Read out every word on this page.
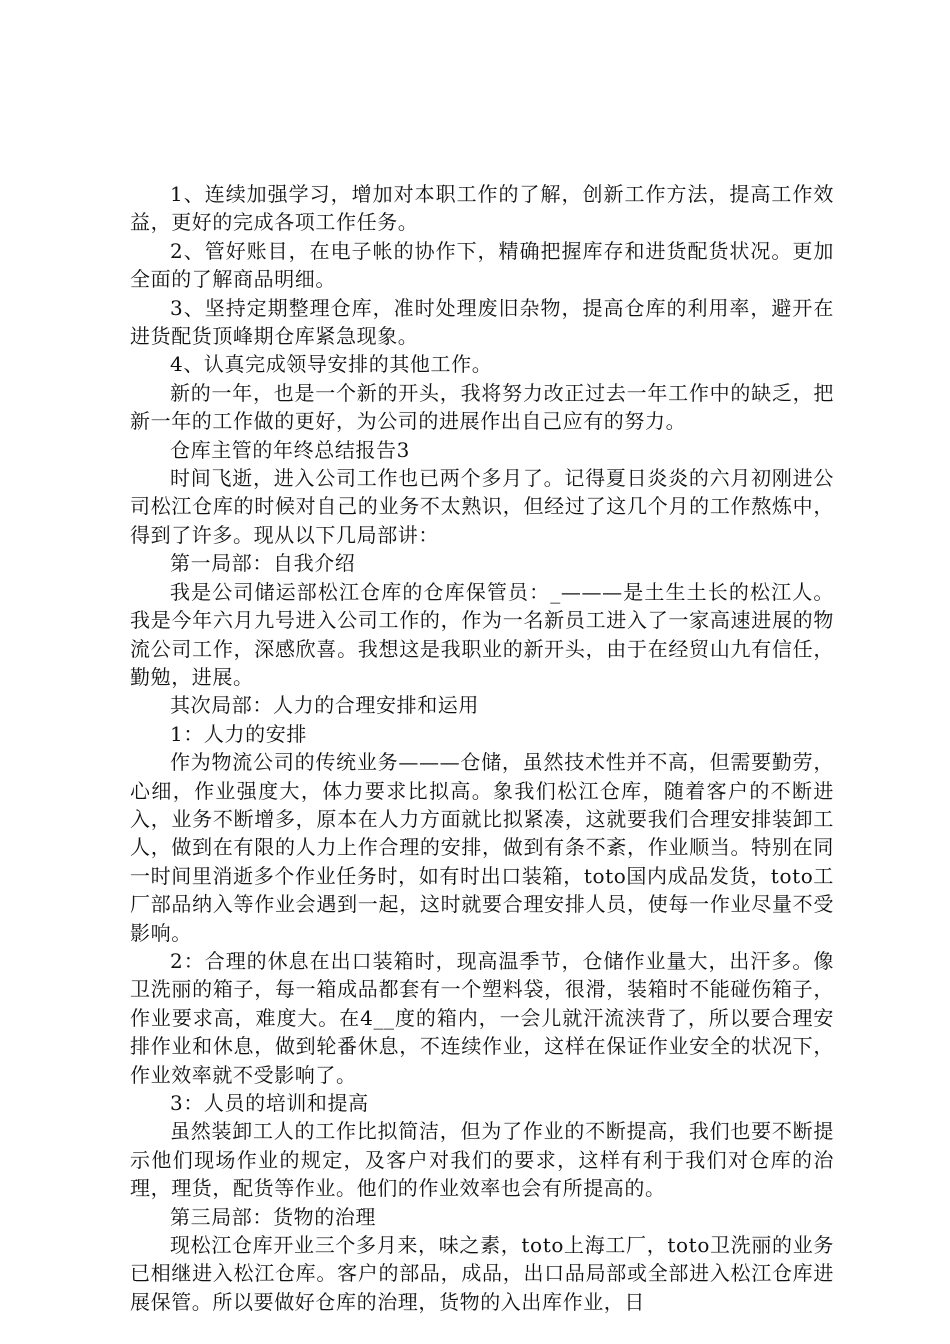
1、连续加强学习，增加对本职工作的了解，创新工作方法，提高工作效益，更好的完成各项工作任务。

2、管好账目，在电子帐的协作下，精确把握库存和进货配货状况。更加全面的了解商品明细。

3、坚持定期整理仓库，准时处理废旧杂物，提高仓库的利用率，避开在进货配货顶峰期仓库紧急现象。

4、认真完成领导安排的其他工作。

新的一年，也是一个新的开头，我将努力改正过去一年工作中的缺乏，把新一年的工作做的更好，为公司的进展作出自己应有的努力。

仓库主管的年终总结报告3

时间飞逝，进入公司工作也已两个多月了。记得夏日炎炎的六月初刚进公司松江仓库的时候对自己的业务不太熟识，但经过了这几个月的工作熬炼中，得到了许多。现从以下几局部讲：

第一局部：自我介绍

我是公司储运部松江仓库的仓库保管员：_———是土生土长的松江人。我是今年六月九号进入公司工作的，作为一名新员工进入了一家高速进展的物流公司工作，深感欣喜。我想这是我职业的新开头，由于在经贸山九有信任，勤勉，进展。

其次局部：人力的合理安排和运用

1：人力的安排

作为物流公司的传统业务———仓储，虽然技术性并不高，但需要勤劳，心细，作业强度大，体力要求比拟高。象我们松江仓库，随着客户的不断进入，业务不断增多，原本在人力方面就比拟紧凑，这就要我们合理安排装卸工人，做到在有限的人力上作合理的安排，做到有条不紊，作业顺当。特别在同一时间里消逝多个作业任务时，如有时出口装箱，toto国内成品发货，toto工厂部品纳入等作业会遇到一起，这时就要合理安排人员，使每一作业尽量不受影响。

2：合理的休息在出口装箱时，现高温季节，仓储作业量大，出汗多。像卫洗丽的箱子，每一箱成品都套有一个塑料袋，很滑，装箱时不能碰伤箱子，作业要求高，难度大。在4__度的箱内，一会儿就汗流浃背了，所以要合理安排作业和休息，做到轮番休息，不连续作业，这样在保证作业安全的状况下，作业效率就不受影响了。

3：人员的培训和提高

虽然装卸工人的工作比拟简洁，但为了作业的不断提高，我们也要不断提示他们现场作业的规定，及客户对我们的要求，这样有利于我们对仓库的治理，理货，配货等作业。他们的作业效率也会有所提高的。

第三局部：货物的治理

现松江仓库开业三个多月来，味之素，toto上海工厂，toto卫洗丽的业务已相继进入松江仓库。客户的部品，成品，出口品局部或全部进入松江仓库进展保管。所以要做好仓库的治理，货物的入出库作业，日
